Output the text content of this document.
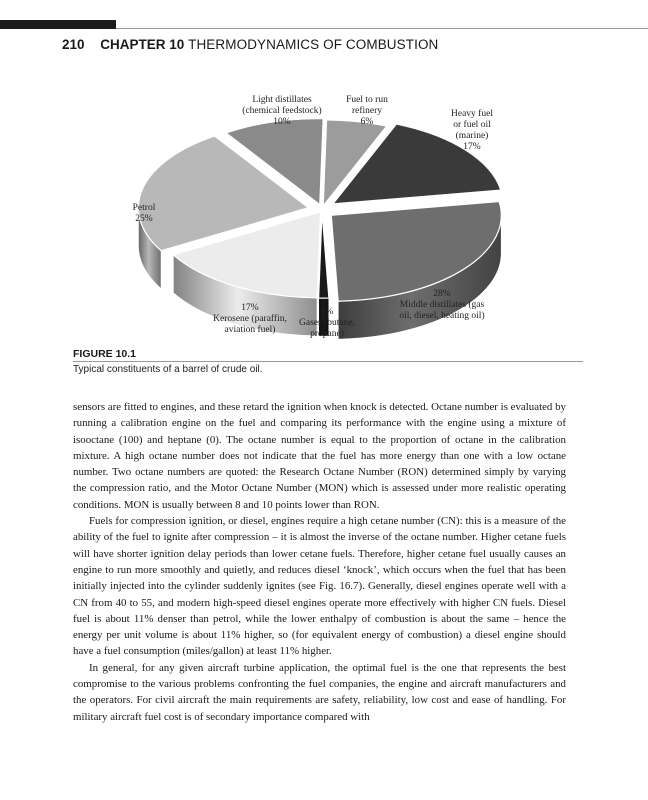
210 CHAPTER 10 THERMODYNAMICS OF COMBUSTION
Fuel to run refinery 6%
Heavy fuel or fuel oil (marine) 17%
28% Middle distillates (gas oil, diesel, heating oil)
1% Gases (butane, propane)
17% Kerosene (paraffin, aviation fuel)
Petrol 25%
Light distillates (chemical feedstock) 10%
FIGURE 10.1
Typical constituents of a barrel of crude oil.

sensors are fitted to engines, and these retard the ignition when knock is detected. Octane number is evaluated by running a calibration engine on the fuel and comparing its performance with the engine using a mixture of isooctane (100) and heptane (0). The octane number is equal to the proportion of octane in the calibration mixture. A high octane number does not indicate that the fuel has more energy than one with a low octane number. Two octane numbers are quoted: the Research Octane Number (RON) determined simply by varying the compression ratio, and the Motor Octane Number (MON) which is assessed under more realistic operating conditions. MON is usually between 8 and 10 points lower than RON.

Fuels for compression ignition, or diesel, engines require a high cetane number (CN): this is a measure of the ability of the fuel to ignite after compression – it is almost the inverse of the octane number. Higher cetane fuels will have shorter ignition delay periods than lower cetane fuels. Therefore, higher cetane fuel usually causes an engine to run more smoothly and quietly, and reduces diesel ‘knock’, which occurs when the fuel that has been initially injected into the cylinder suddenly ignites (see Fig. 16.7). Generally, diesel engines operate well with a CN from 40 to 55, and modern high-speed diesel engines operate more effectively with higher CN fuels. Diesel fuel is about 11% denser than petrol, while the lower enthalpy of combustion is about the same – hence the energy per unit volume is about 11% higher, so (for equivalent energy of combustion) a diesel engine should have a fuel consumption (miles/gallon) at least 11% higher.

In general, for any given aircraft turbine application, the optimal fuel is the one that represents the best compromise to the various problems confronting the fuel companies, the engine and aircraft manufacturers and the operators. For civil aircraft the main requirements are safety, reliability, low cost and ease of handling. For military aircraft fuel cost is of secondary importance compared with
